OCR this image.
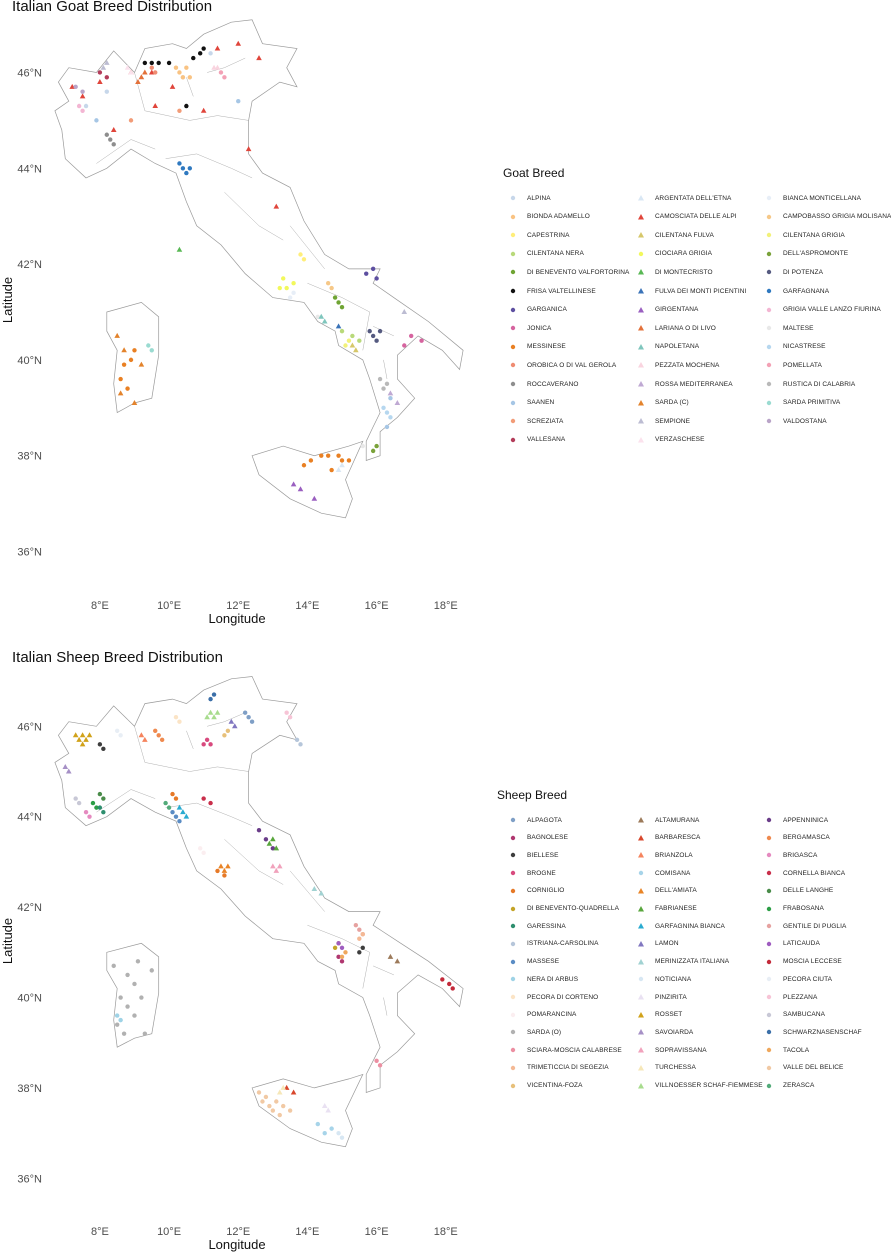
Italian Goat Breed Distribution
8°E	10°E	12°E	14°E	16°E	18°E
36°N
38°N
40°N
42°N
44°N
46°N
Longitude
Latitude
Goat Breed
ALPINA	ARGENTATA DELL'ETNA	BIANCA MONTICELLANA
BIONDA ADAMELLO	CAMOSCIATA DELLE ALPI	CAMPOBASSO GRIGIA MOLISANA
CAPESTRINA	CILENTANA FULVA	CILENTANA GRIGIA
CILENTANA NERA	CIOCIARA GRIGIA	DELL'ASPROMONTE
DI BENEVENTO VALFORTORINA	DI MONTECRISTO	DI POTENZA
FRISA VALTELLINESE	FULVA DEI MONTI PICENTINI	GARFAGNANA
GARGANICA	GIRGENTANA	GRIGIA VALLE LANZO FIURINA
JONICA	LARIANA O DI LIVO	MALTESE
MESSINESE	NAPOLETANA	NICASTRESE
OROBICA O DI VAL GEROLA	PEZZATA MOCHENA	POMELLATA
ROCCAVERANO	ROSSA MEDITERRANEA	RUSTICA DI CALABRIA
SAANEN	SARDA (C)	SARDA PRIMITIVA
SCREZIATA	SEMPIONE	VALDOSTANA
VALLESANA	VERZASCHESE
Italian Sheep Breed Distribution
8°E	10°E	12°E	14°E	16°E	18°E
36°N
38°N
40°N
42°N
44°N
46°N
Longitude
Latitude
Sheep Breed
ALPAGOTA	ALTAMURANA	APPENNINICA
BAGNOLESE	BARBARESCA	BERGAMASCA
BIELLESE	BRIANZOLA	BRIGASCA
BROGNE	COMISANA	CORNELLA BIANCA
CORNIGLIO	DELL'AMIATA	DELLE LANGHE
DI BENEVENTO-QUADRELLA	FABRIANESE	FRABOSANA
GARESSINA	GARFAGNINA BIANCA	GENTILE DI PUGLIA
ISTRIANA-CARSOLINA	LAMON	LATICAUDA
MASSESE	MERINIZZATA ITALIANA	MOSCIA LECCESE
NERA DI ARBUS	NOTICIANA	PECORA CIUTA
PECORA DI CORTENO	PINZIRITA	PLEZZANA
POMARANCINA	ROSSET	SAMBUCANA
SARDA (O)	SAVOIARDA	SCHWARZNASENSCHAF
SCIARA-MOSCIA CALABRESE	SOPRAVISSANA	TACOLA
TRIMETICCIA DI SEGEZIA	TURCHESSA	VALLE DEL BELICE
VICENTINA-FOZA	VILLNOESSER SCHAF-FIEMMESE	ZERASCA
